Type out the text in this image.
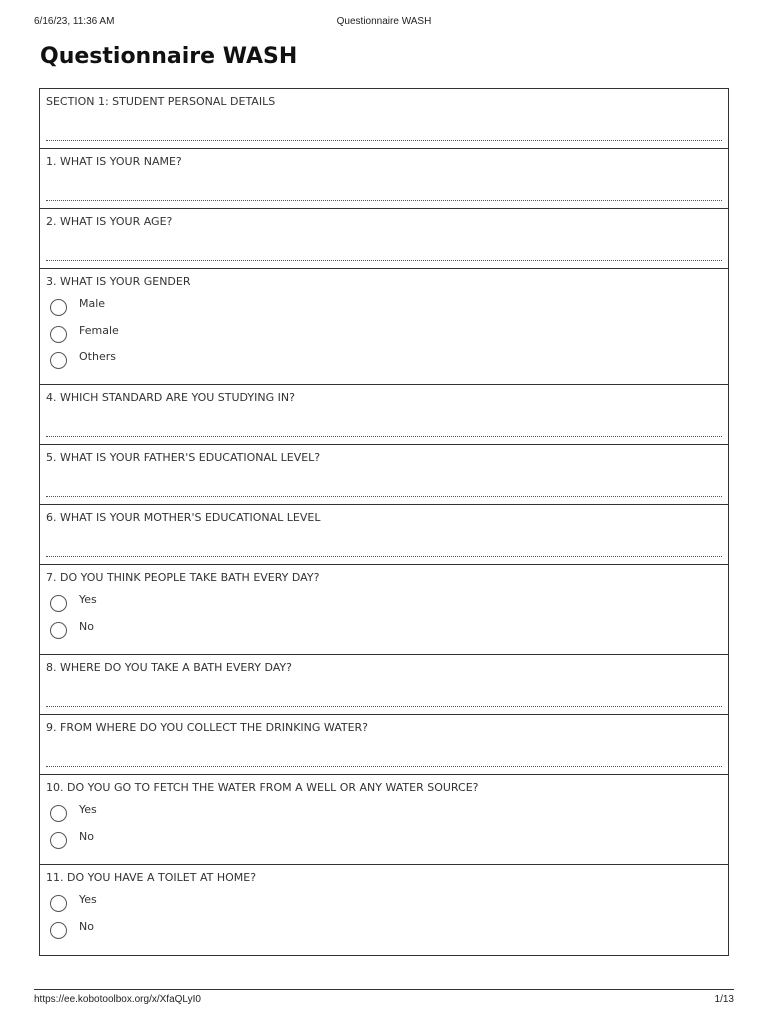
6/16/23, 11:36 AM	Questionnaire WASH
Questionnaire WASH
SECTION 1: STUDENT PERSONAL DETAILS
1. WHAT IS YOUR NAME?
2. WHAT IS YOUR AGE?
3. WHAT IS YOUR GENDER
Male
Female
Others
4. WHICH STANDARD ARE YOU STUDYING IN?
5. WHAT IS YOUR FATHER'S EDUCATIONAL LEVEL?
6. WHAT IS YOUR MOTHER'S EDUCATIONAL LEVEL
7. DO YOU THINK PEOPLE TAKE BATH EVERY DAY?
Yes
No
8. WHERE DO YOU TAKE A BATH EVERY DAY?
9. FROM WHERE DO YOU COLLECT THE DRINKING WATER?
10. DO YOU GO TO FETCH THE WATER FROM A WELL OR ANY WATER SOURCE?
Yes
No
11. DO YOU HAVE A TOILET AT HOME?
Yes
No
https://ee.kobotoolbox.org/x/XfaQLyI0	1/13
